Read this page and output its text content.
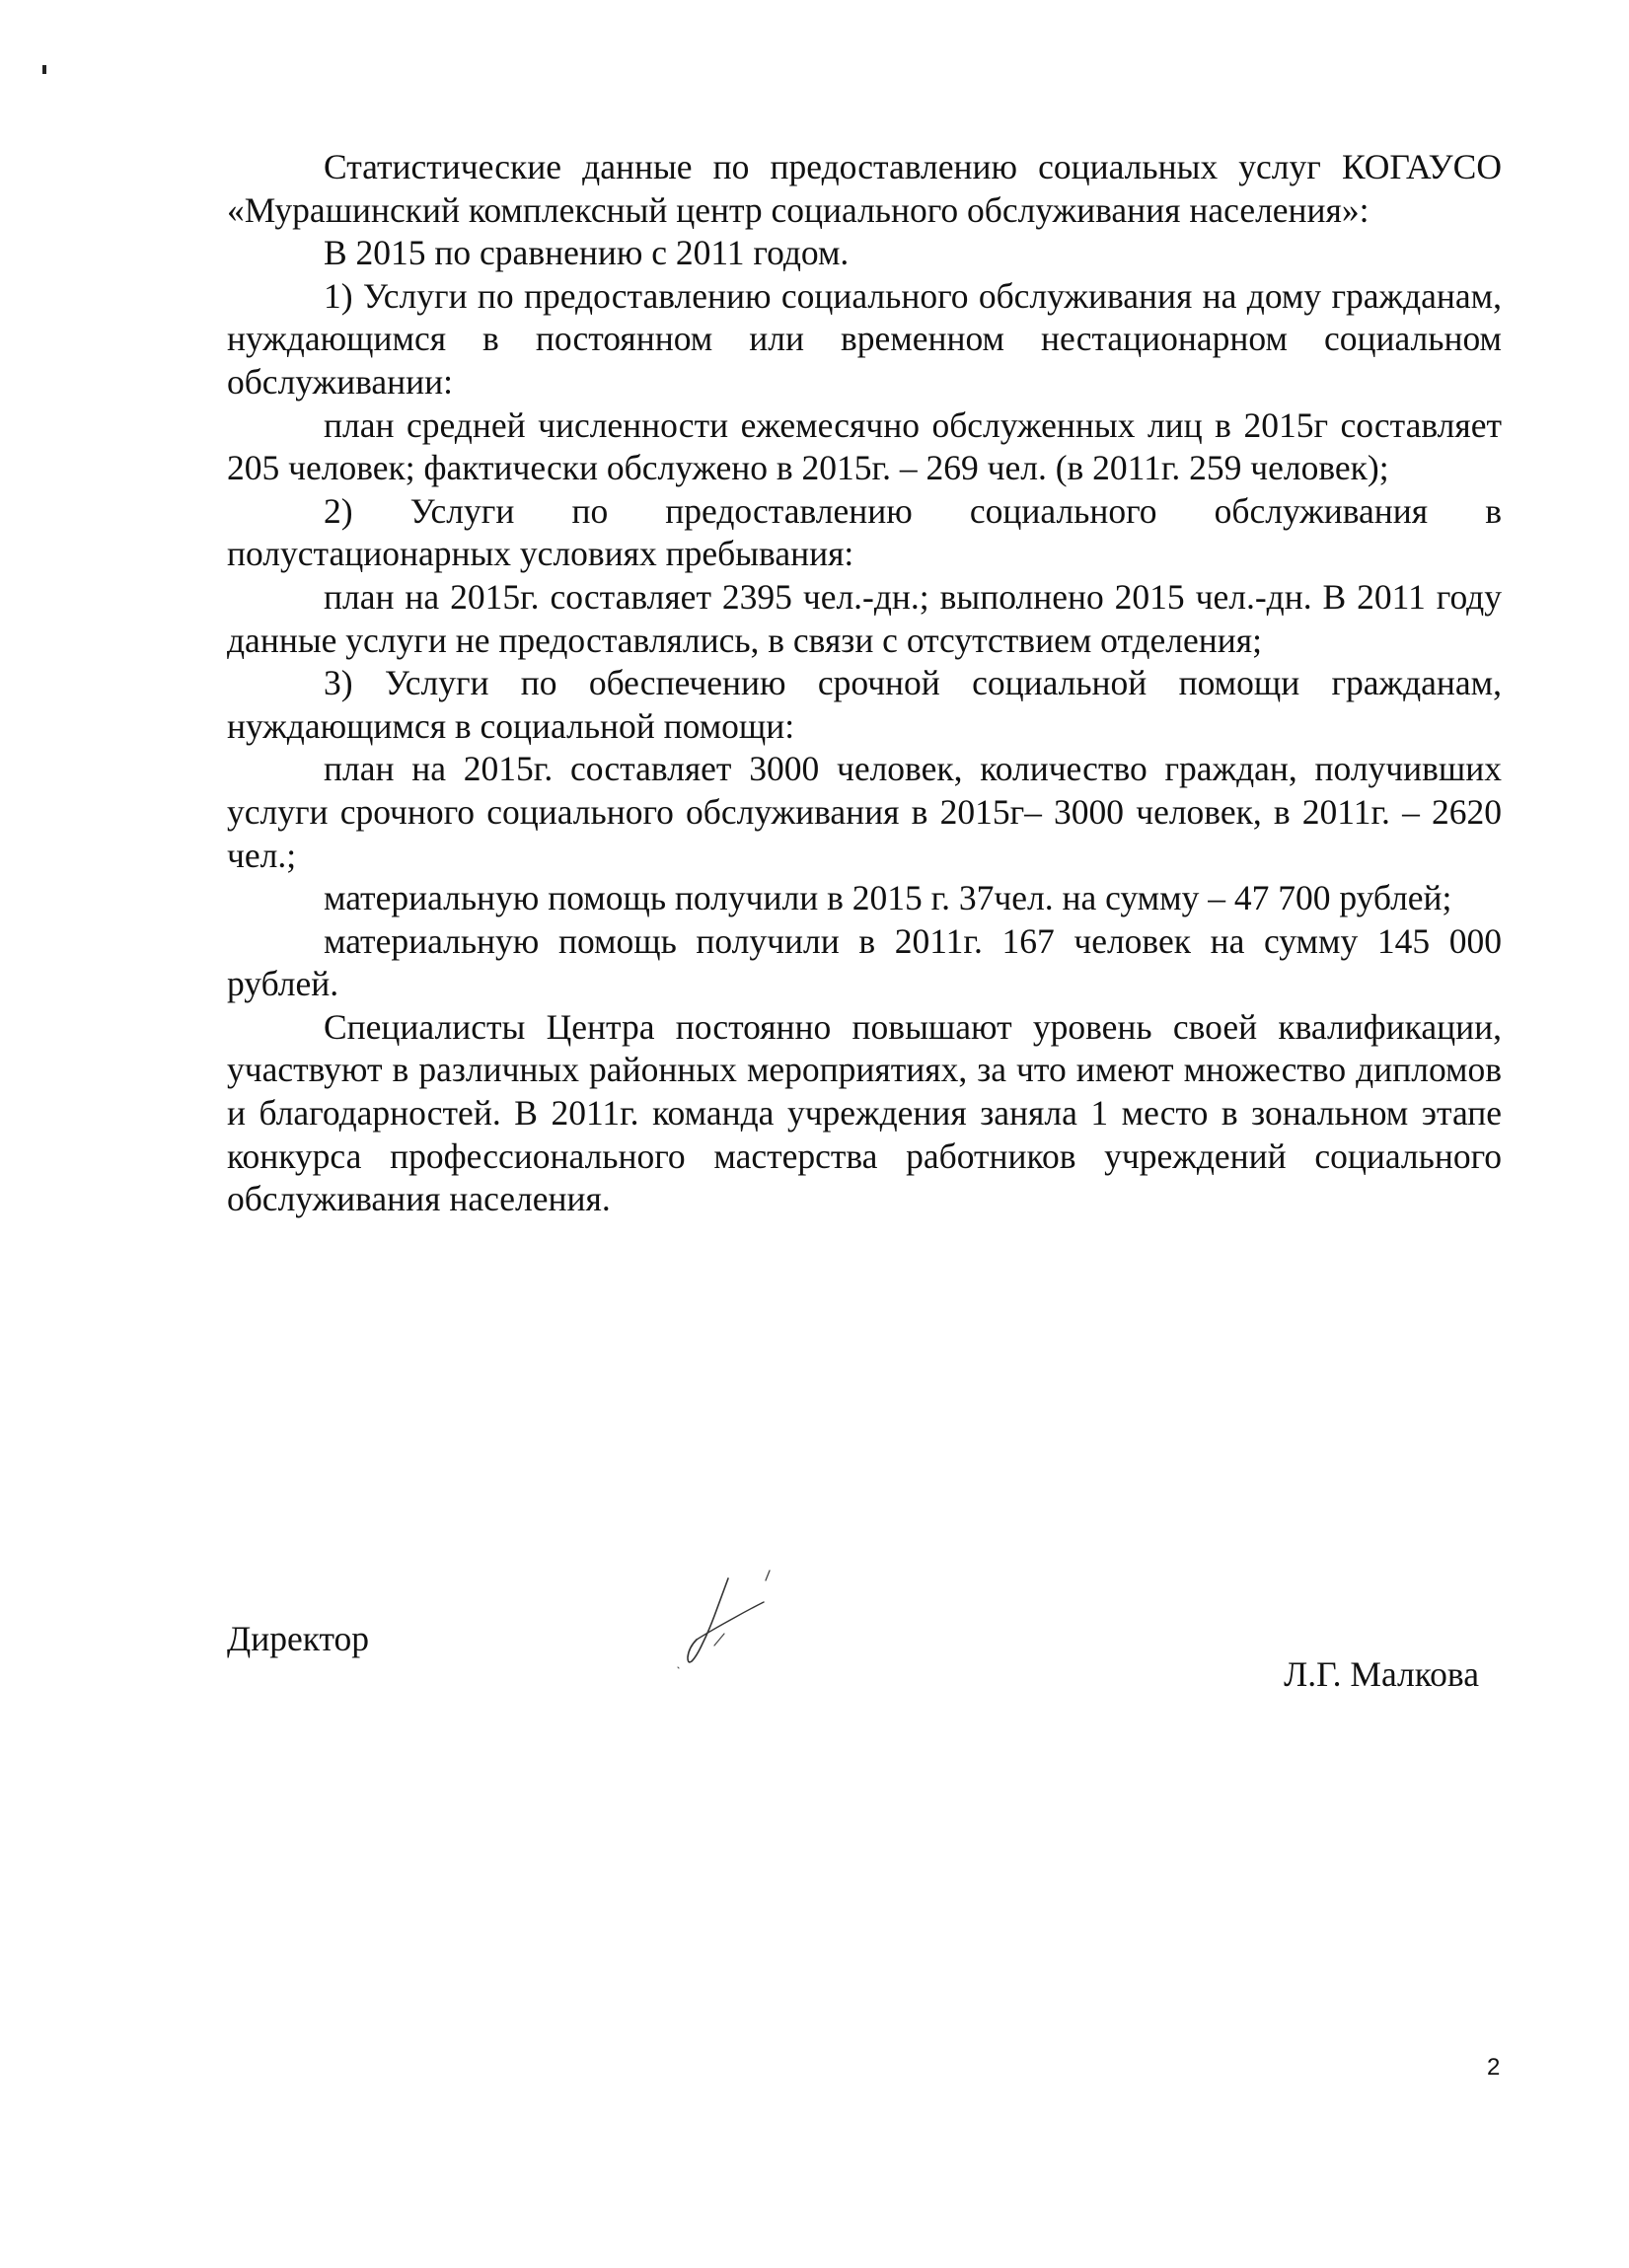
Статистические данные по предоставлению социальных услуг КОГАУСО «Мурашинский комплексный центр социального обслуживания населения»:

В 2015 по сравнению с 2011 годом.

1) Услуги по предоставлению социального обслуживания на дому гражданам, нуждающимся в постоянном или временном нестационарном социальном обслуживании:

план средней численности ежемесячно обслуженных лиц в 2015г составляет 205 человек; фактически обслужено в 2015г. – 269 чел. (в 2011г. 259 человек);

2) Услуги по предоставлению социального обслуживания в полустационарных условиях пребывания:

план на 2015г. составляет 2395 чел.-дн.; выполнено 2015 чел.-дн. В 2011 году данные услуги не предоставлялись, в связи с отсутствием отделения;

3) Услуги по обеспечению срочной социальной помощи гражданам, нуждающимся в социальной помощи:

план на 2015г. составляет 3000 человек, количество граждан, получивших услуги срочного социального обслуживания в 2015г– 3000 человек, в 2011г. – 2620 чел.;

материальную помощь получили в 2015 г. 37чел. на сумму – 47 700 рублей;

материальную помощь получили в 2011г. 167 человек на сумму 145 000 рублей.

Специалисты Центра постоянно повышают уровень своей квалификации, участвуют в различных районных мероприятиях, за что имеют множество дипломов и благодарностей. В 2011г. команда учреждения заняла 1 место в зональном этапе конкурса профессионального мастерства работников учреждений социального обслуживания населения.

Директор
Л.Г. Малкова
2
